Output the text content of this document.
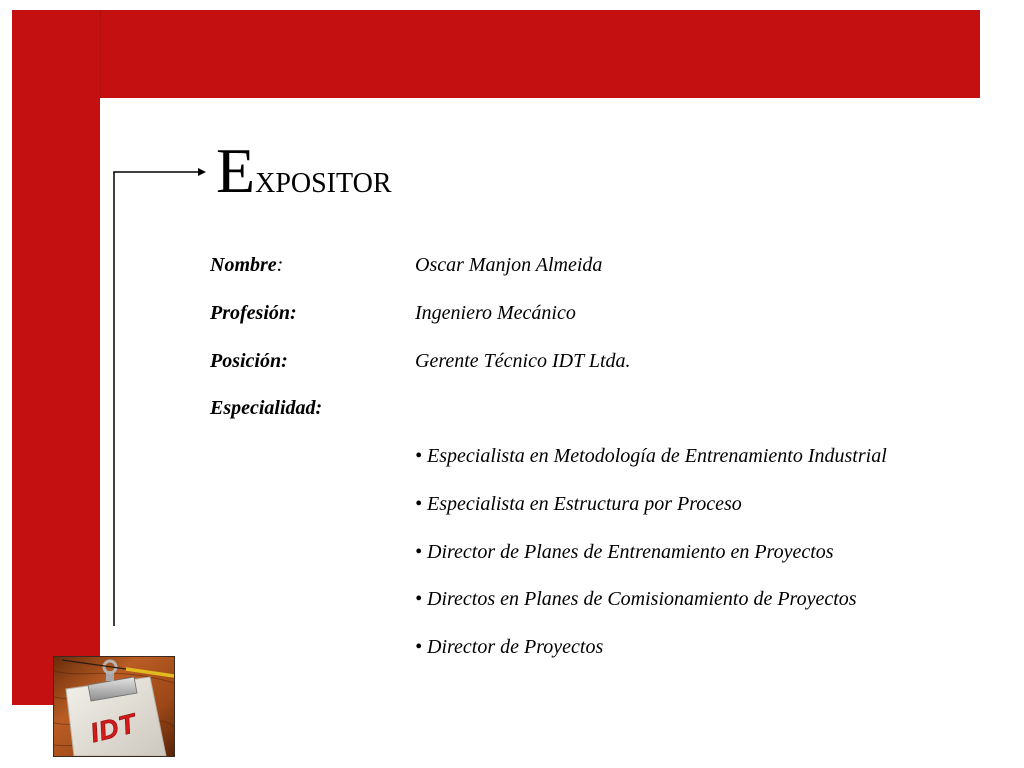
EXPOSITOR
Nombre:	Oscar Manjon Almeida
Profesión:	Ingeniero Mecánico
Posición:	Gerente Técnico IDT Ltda.
Especialidad:
• Especialista en Metodología de Entrenamiento Industrial
• Especialista en Estructura por Proceso
• Director de Planes de Entrenamiento en Proyectos
• Directos en Planes de Comisionamiento de Proyectos
• Director de Proyectos
IDT
